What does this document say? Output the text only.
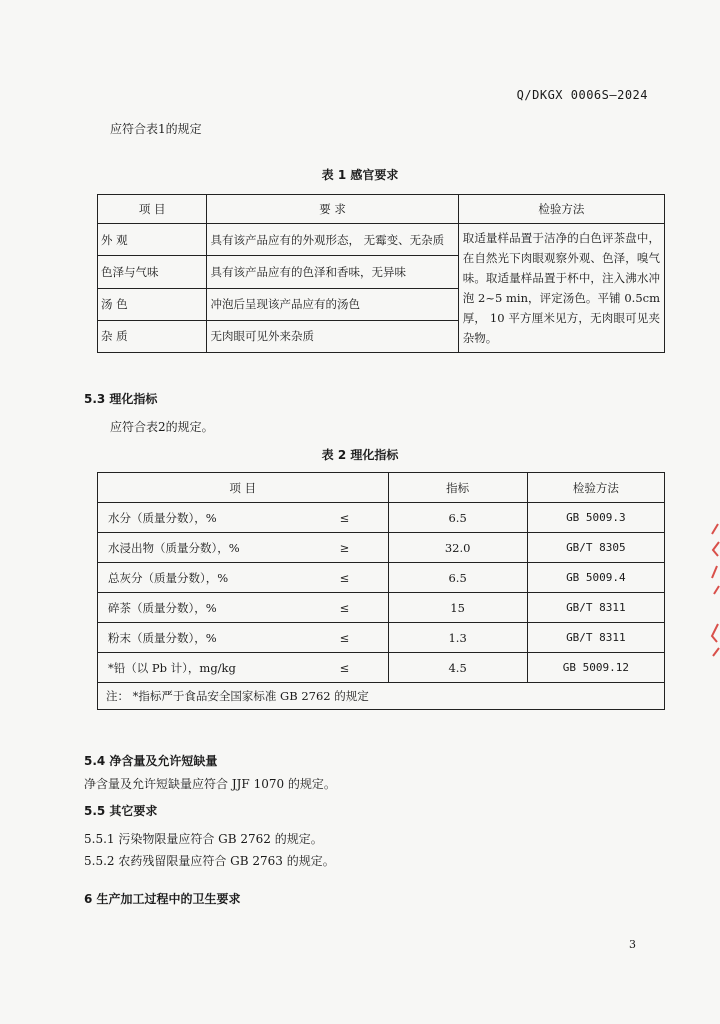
Q/DKGX 0006S—2024
应符合表1的规定
表 1 感官要求
项 目	要 求	检验方法
外 观	具有该产品应有的外观形态， 无霉变、无杂质	取适量样品置于洁净的白色评茶盘中，在自然光下肉眼观察外观、色泽，嗅气 味。取适量样品置于杯中，注入沸水冲 泡 2~5 min，评定汤色。平铺 0.5cm 厚， 10 平方厘米见方，无肉眼可见夹杂物。
色泽与气味	具有该产品应有的色泽和香味，无异味	
汤 色	冲泡后呈现该产品应有的汤色	
杂 质	无肉眼可见外来杂质	
5.3 理化指标
应符合表2的规定。
表 2 理化指标
项 目		指标	检验方法
水分（质量分数），%	≤	6.5	GB 5009.3
水浸出物（质量分数），%	≥	32.0	GB/T 8305
总灰分（质量分数），%	≤	6.5	GB 5009.4
碎茶（质量分数），%	≤	15	GB/T 8311
粉末（质量分数），%	≤	1.3	GB/T 8311
*铅（以 Pb 计），mg/kg	≤	4.5	GB 5009.12
注： *指标严于食品安全国家标准 GB 2762 的规定			
5.4 净含量及允许短缺量
净含量及允许短缺量应符合 JJF 1070 的规定。
5.5 其它要求
5.5.1 污染物限量应符合 GB 2762 的规定。
5.5.2 农药残留限量应符合 GB 2763 的规定。
6 生产加工过程中的卫生要求
3
